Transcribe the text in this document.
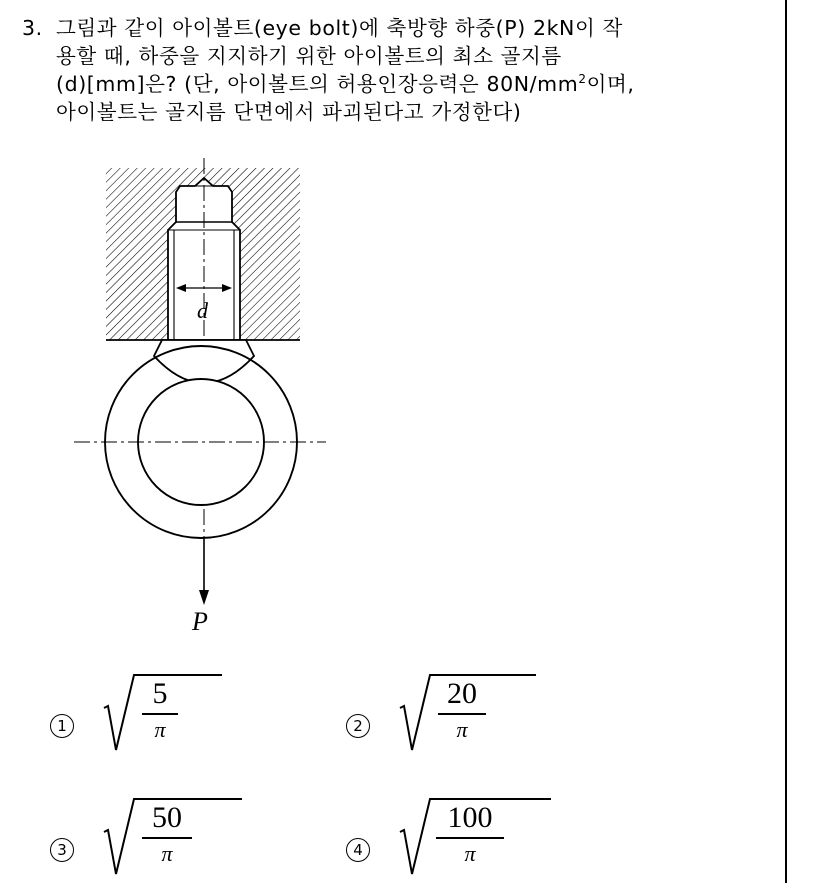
3. 그림과 같이 아이볼트(eye bolt)에 축방향 하중(P) 2kN이 작
용할 때, 하중을 지지하기 위한 아이볼트의 최소 골지름
(d)[mm]은? (단, 아이볼트의 허용인장응력은 $80N/mm^2$이며,
아이볼트는 골지름 단면에서 파괴된다고 가정한다)
d
P
1
5
π	2
20
π
3
50
π	4
100
π
